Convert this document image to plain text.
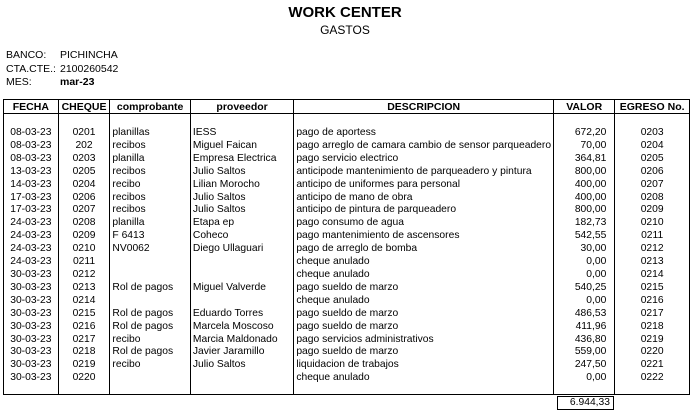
WORK CENTER
GASTOS
BANCO: PICHINCHA
CTA.CTE.: 2100260542
MES:	mar-23
FECHA	CHEQUE	comprobante	proveedor	DESCRIPCION	VALOR	EGRESO No.

08-03-23	0201	planillas	IESS	pago de aportess	672,20	0203
08-03-23	202	recibos	Miguel Faican	pago arreglo de camara cambio de sensor parqueadero	70,00	0204
08-03-23	0203	planilla	Empresa Electrica	pago servicio electrico	364,81	0205
13-03-23	0205	recibos	Julio Saltos	anticipode mantenimiento de parqueadero y pintura	800,00	0206
14-03-23	0204	recibo	Lilian Morocho	anticipo de uniformes para personal	400,00	0207
17-03-23	0206	recibos	Julio Saltos	anticipo de mano de obra	400,00	0208
17-03-23	0207	recibos	Julio Saltos	anticipo de pintura de parqueadero	800,00	0209
24-03-23	0208	planilla	Etapa ep	pago consumo de agua	182,73	0210
24-03-23	0209	F 6413	Coheco	pago mantenimiento de ascensores	542,55	0211
24-03-23	0210	NV0062	Diego Ullaguari	pago de arreglo de bomba	30,00	0212
24-03-23	0211			cheque anulado	0,00	0213
30-03-23	0212			cheque anulado	0,00	0214
30-03-23	0213	Rol de pagos	Miguel Valverde	pago sueldo de marzo	540,25	0215
30-03-23	0214			cheque anulado	0,00	0216
30-03-23	0215	Rol de pagos	Eduardo Torres	pago sueldo de marzo	486,53	0217
30-03-23	0216	Rol de pagos	Marcela Moscoso	pago sueldo de marzo	411,96	0218
30-03-23	0217	recibo	Marcia Maldonado	pago servicios administrativos	436,80	0219
30-03-23	0218	Rol de pagos	Javier Jaramillo	pago sueldo de marzo	559,00	0220
30-03-23	0219	recibo	Julio Saltos	liquidacion de trabajos	247,50	0221
30-03-23	0220			cheque anulado	0,00	0222

6.944,33
